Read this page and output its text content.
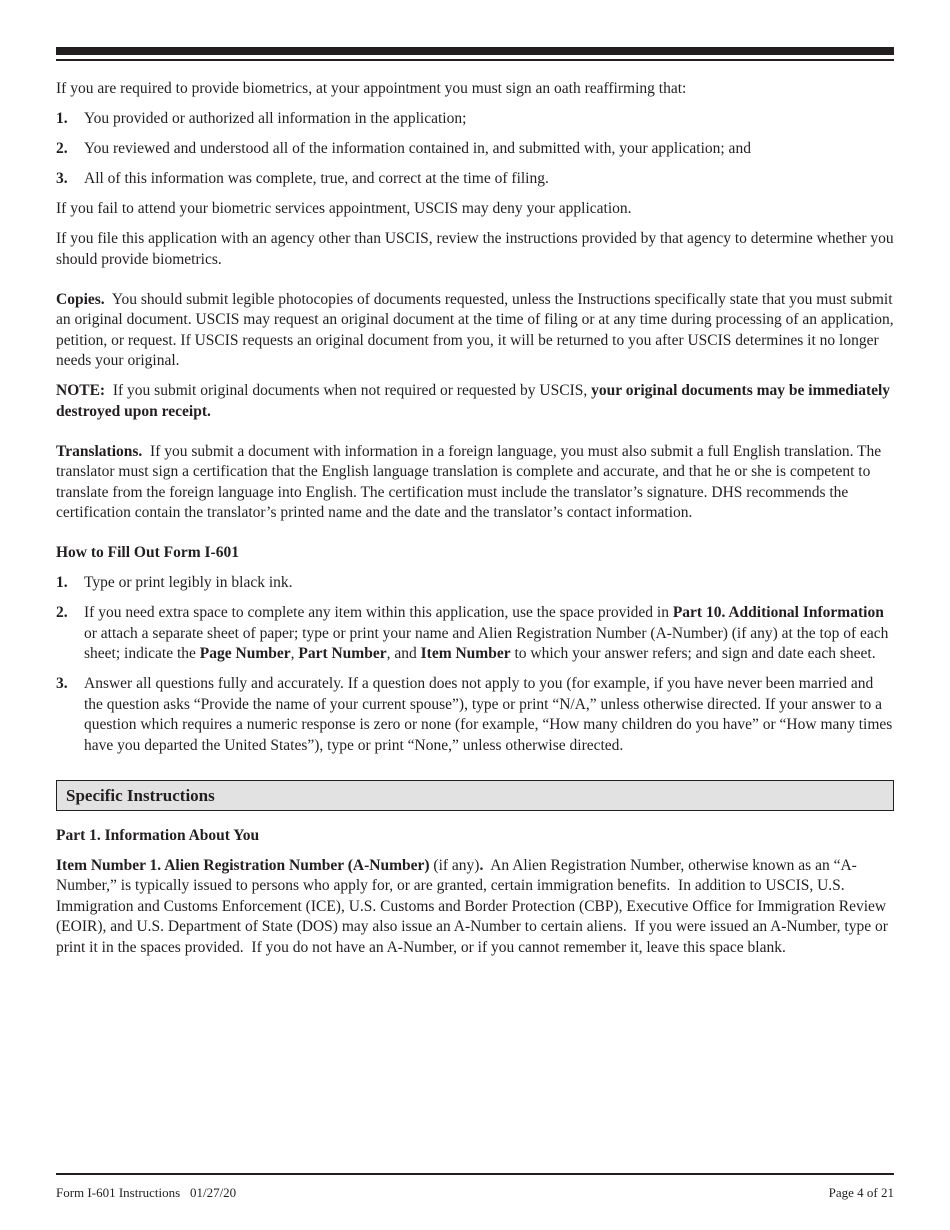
If you are required to provide biometrics, at your appointment you must sign an oath reaffirming that:

1.	You provided or authorized all information in the application;
2.	You reviewed and understood all of the information contained in, and submitted with, your application; and
3.	All of this information was complete, true, and correct at the time of filing.

If you fail to attend your biometric services appointment, USCIS may deny your application.

If you file this application with an agency other than USCIS, review the instructions provided by that agency to determine whether you should provide biometrics.

Copies. You should submit legible photocopies of documents requested, unless the Instructions specifically state that you must submit an original document. USCIS may request an original document at the time of filing or at any time during processing of an application, petition, or request. If USCIS requests an original document from you, it will be returned to you after USCIS determines it no longer needs your original.

NOTE: If you submit original documents when not required or requested by USCIS, your original documents may be immediately destroyed upon receipt.

Translations. If you submit a document with information in a foreign language, you must also submit a full English translation. The translator must sign a certification that the English language translation is complete and accurate, and that he or she is competent to translate from the foreign language into English. The certification must include the translator’s signature. DHS recommends the certification contain the translator’s printed name and the date and the translator’s contact information.

How to Fill Out Form I-601
1.	Type or print legibly in black ink.
2.	If you need extra space to complete any item within this application, use the space provided in Part 10. Additional Information or attach a separate sheet of paper; type or print your name and Alien Registration Number (A-Number) (if any) at the top of each sheet; indicate the Page Number, Part Number, and Item Number to which your answer refers; and sign and date each sheet.
3.	Answer all questions fully and accurately. If a question does not apply to you (for example, if you have never been married and the question asks “Provide the name of your current spouse”), type or print “N/A,” unless otherwise directed. If your answer to a question which requires a numeric response is zero or none (for example, “How many children do you have” or “How many times have you departed the United States”), type or print “None,” unless otherwise directed.
Specific Instructions
Part 1. Information About You

Item Number 1. Alien Registration Number (A-Number) (if any).  An Alien Registration Number, otherwise known as an “A-Number,” is typically issued to persons who apply for, or are granted, certain immigration benefits.  In addition to USCIS, U.S. Immigration and Customs Enforcement (ICE), U.S. Customs and Border Protection (CBP), Executive Office for Immigration Review (EOIR), and U.S. Department of State (DOS) may also issue an A-Number to certain aliens.  If you were issued an A-Number, type or print it in the spaces provided.  If you do not have an A-Number, or if you cannot remember it, leave this space blank.

Form I-601 Instructions   01/27/20	Page 4 of 21
